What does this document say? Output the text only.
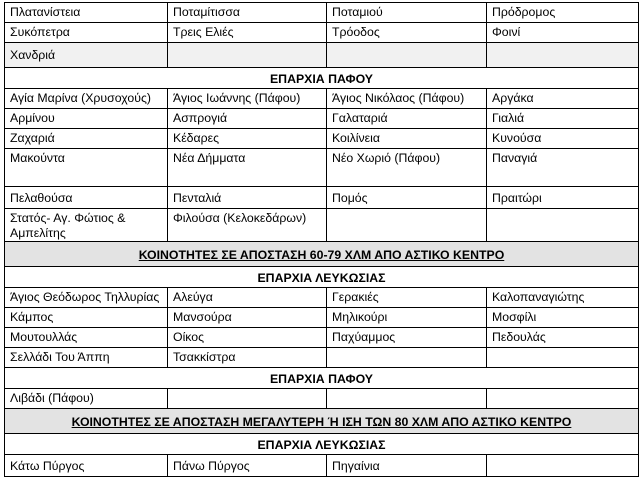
Πλατανίστεια	Ποταμίτισσα	Ποταμιού	Πρόδρομος
Συκόπετρα	Τρεις Ελιές	Τρόοδος	Φοινί
Χανδριά			
ΕΠΑΡΧΙΑ ΠΑΦΟΥ			
Αγία Μαρίνα (Χρυσοχούς)	Άγιος Ιωάννης (Πάφου)	Άγιος Νικόλαος (Πάφου)	Αργάκα
Αρμίνου	Ασπρογιά	Γαλαταριά	Γιαλιά
Ζαχαριά	Κέδαρες	Κοιλίνεια	Κυνούσα
Μακούντα	Νέα Δήμματα	Νέο Χωριό (Πάφου)	Παναγιά
Πελαθούσα	Πενταλιά	Πομός	Πραιτώρι
Στατός- Αγ. Φώτιος & Αμπελίτης	Φιλούσα (Κελοκεδάρων)		
ΚΟΙΝΟΤΗΤΕΣ ΣΕ ΑΠΟΣΤΑΣΗ 60-79 ΧΛΜ ΑΠΟ ΑΣΤΙΚΟ ΚΕΝΤΡΟ			
ΕΠΑΡΧΙΑ ΛΕΥΚΩΣΙΑΣ			
Άγιος Θεόδωρος Τηλλυρίας	Αλεύγα	Γερακιές	Καλοπαναγιώτης
Κάμπος	Μανσούρα	Μηλικούρι	Μοσφίλι
Μουτουλλάς	Οίκος	Παχύαμμος	Πεδουλάς
Σελλάδι Του Άππη	Τσακκίστρα		
ΕΠΑΡΧΙΑ ΠΑΦΟΥ			
Λιβάδι (Πάφου)			
ΚΟΙΝΟΤΗΤΕΣ ΣΕ ΑΠΟΣΤΑΣΗ ΜΕΓΑΛΥΤΕΡΗ Ή ΙΣΗ ΤΩΝ 80 ΧΛΜ ΑΠΟ ΑΣΤΙΚΟ ΚΕΝΤΡΟ			
ΕΠΑΡΧΙΑ ΛΕΥΚΩΣΙΑΣ			
Κάτω Πύργος	Πάνω Πύργος	Πηγαίνια	
